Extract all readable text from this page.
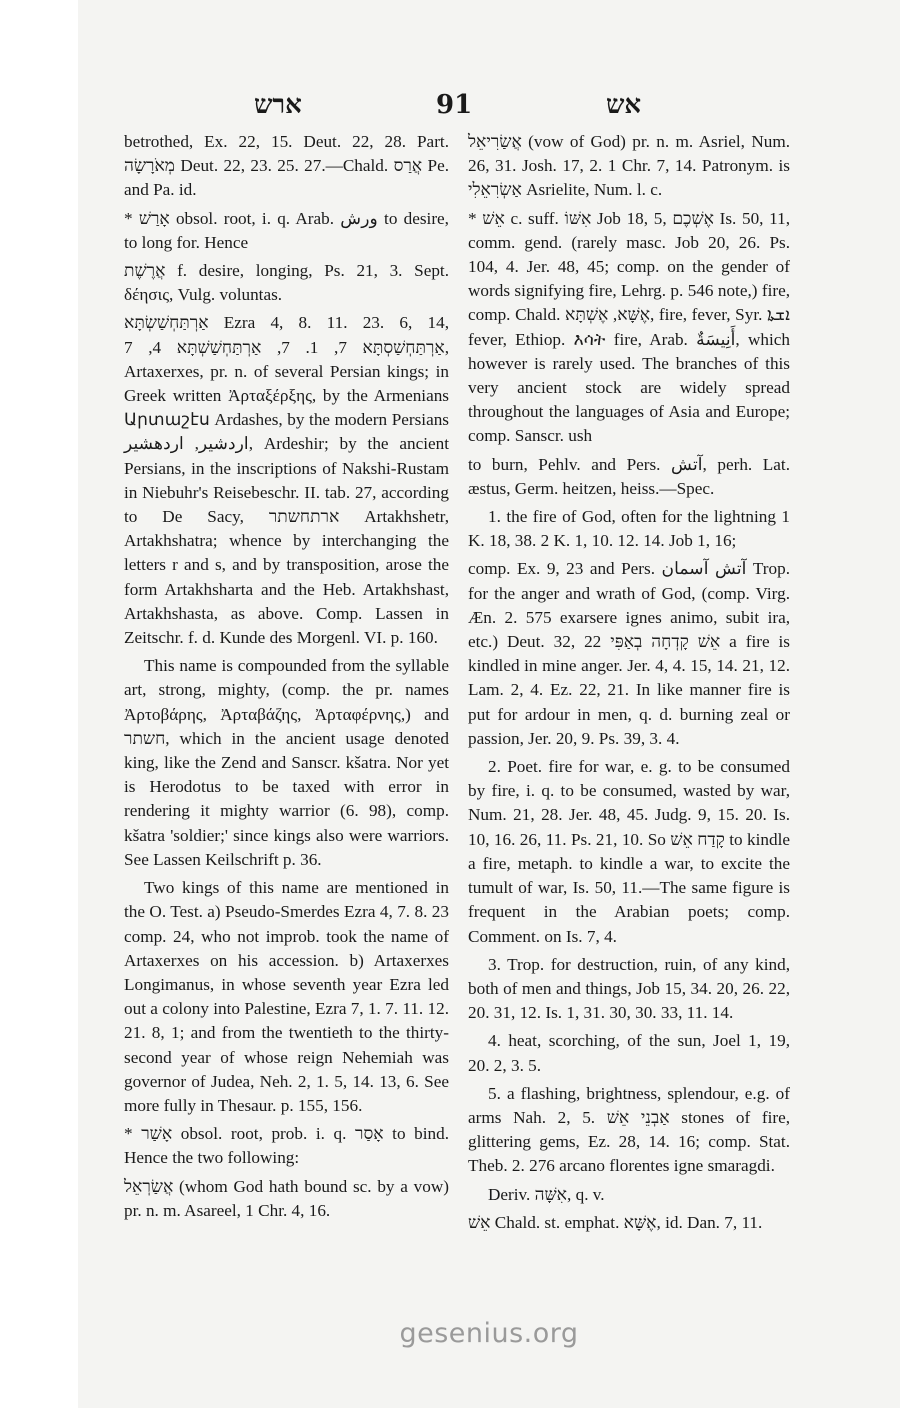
ארש	91	אש

betrothed, Ex. 22, 15. Deut. 22, 28. Part. מְאֹרָשָׂה Deut. 22, 23. 25. 27.—Chald. אֲרַס Pe. and Pa. id.

* אָרַשׁ obsol. root, i. q. Arab. ورش to desire, to long for. Hence

אֲרֶשֶׁת f. desire, longing, Ps. 21, 3. Sept. δέησις, Vulg. voluntas.

אַרְתַּחְשַׁשְׂתָּא Ezra 4, 8. 11. 23. 6, 14, אַרְתַּחְשַׁסְתָּא 7, 1. 7, אַרְתַּחְשַׁשְׁתָּא 4, 7, Artaxerxes, pr. n. of several Persian kings; in Greek written Ἀρταξέρξης, by the Armenians Արտաշէս Ardashes, by the modern Persians اردشیر, اردهشیر, Ardeshir; by the ancient Persians, in the inscriptions of Nakshi-Rustam in Niebuhr's Reisebeschr. II. tab. 27, according to De Sacy, ארתחשתר Artakhshetr, Artakhshatra; whence by interchanging the letters r and s, and by transposition, arose the form Artakhsharta and the Heb. Artakhshast, Artakhshasta, as above. Comp. Lassen in Zeitschr. f. d. Kunde des Morgenl. VI. p. 160.

This name is compounded from the syllable art, strong, mighty, (comp. the pr. names Ἀρτοβάρης, Ἀρταβάζης, Ἀρταφέρνης,) and חשתר, which in the ancient usage denoted king, like the Zend and Sanscr. kšatra. Nor yet is Herodotus to be taxed with error in rendering it mighty warrior (6. 98), comp. kšatra 'soldier;' since kings also were warriors. See Lassen Keilschrift p. 36.

Two kings of this name are mentioned in the O. Test. a) Pseudo-Smerdes Ezra 4, 7. 8. 23 comp. 24, who not improb. took the name of Artaxerxes on his accession. b) Artaxerxes Longimanus, in whose seventh year Ezra led out a colony into Palestine, Ezra 7, 1. 7. 11. 12. 21. 8, 1; and from the twentieth to the thirty-second year of whose reign Nehemiah was governor of Judea, Neh. 2, 1. 5, 14. 13, 6. See more fully in Thesaur. p. 155, 156.

* אָשַׁר obsol. root, prob. i. q. אָסַר to bind. Hence the two following:

אֲשַׂרְאֵל (whom God hath bound sc. by a vow) pr. n. m. Asareel, 1 Chr. 4, 16.

אֲשַׂרִיאֵל (vow of God) pr. n. m. Asriel, Num. 26, 31. Josh. 17, 2. 1 Chr. 7, 14. Patronym. is אַשְׂרִאֵלִי Asrielite, Num. l. c.

* אֵשׁ c. suff. אִשּׁוֹ Job 18, 5, אֶשְׁכֶם Is. 50, 11, comm. gend. (rarely masc. Job 20, 26. Ps. 104, 4. Jer. 48, 45; comp. on the gender of words signifying fire, Lehrg. p. 546 note,) fire, comp. Chald. אֶשָּׁא, אֶשְׁתָּא, fire, fever, Syr. ܐܫܬܐ fever, Ethiop. እሳት fire, Arab. أَنِيسَةٌ, which however is rarely used. The branches of this very ancient stock are widely spread throughout the languages of Asia and Europe; comp. Sanscr. ush

to burn, Pehlv. and Pers. آتش, perh. Lat. æstus, Germ. heitzen, heiss.—Spec.

1. the fire of God, often for the lightning 1 K. 18, 38. 2 K. 1, 10. 12. 14. Job 1, 16;

comp. Ex. 9, 23 and Pers. آتش آسمان Trop. for the anger and wrath of God, (comp. Virg. Æn. 2. 575 exarsere ignes animo, subit ira, etc.) Deut. 32, 22 אֵשׁ קָדְחָה בְאַפִּי a fire is kindled in mine anger. Jer. 4, 4. 15, 14. 21, 12. Lam. 2, 4. Ez. 22, 21. In like manner fire is put for ardour in men, q. d. burning zeal or passion, Jer. 20, 9. Ps. 39, 3. 4.

2. Poet. fire for war, e. g. to be consumed by fire, i. q. to be consumed, wasted by war, Num. 21, 28. Jer. 48, 45. Judg. 9, 15. 20. Is. 10, 16. 26, 11. Ps. 21, 10. So קָדַח אֵשׁ to kindle a fire, metaph. to kindle a war, to excite the tumult of war, Is. 50, 11.—The same figure is frequent in the Arabian poets; comp. Comment. on Is. 7, 4.

3. Trop. for destruction, ruin, of any kind, both of men and things, Job 15, 34. 20, 26. 22, 20. 31, 12. Is. 1, 31. 30, 30. 33, 11. 14.

4. heat, scorching, of the sun, Joel 1, 19, 20. 2, 3. 5.

5. a flashing, brightness, splendour, e.g. of arms Nah. 2, 5. אַבְנֵי אֵשׁ stones of fire, glittering gems, Ez. 28, 14. 16; comp. Stat. Theb. 2. 276 arcano florentes igne smaragdi.

Deriv. אִשָּׁה, q. v.

אֵשׁ Chald. st. emphat. אֶשָּׁא, id. Dan. 7, 11.

gesenius.org
